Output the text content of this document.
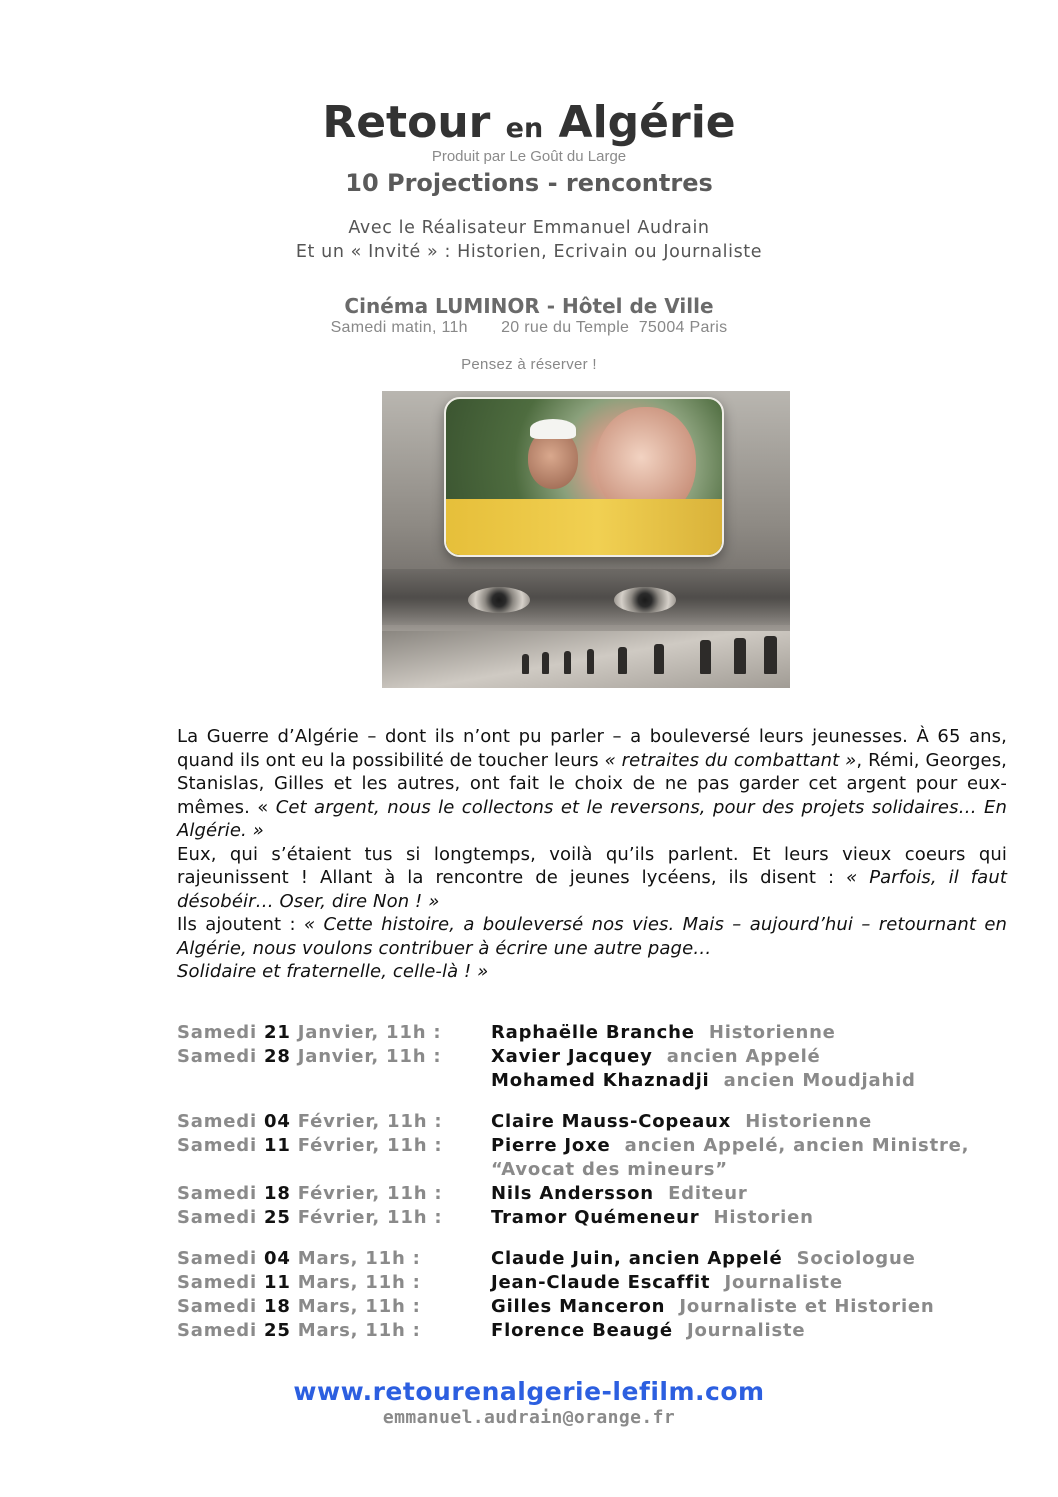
Retour en Algérie
Produit par Le Goût du Large
10 Projections - rencontres
Avec le Réalisateur Emmanuel Audrain
Et un « Invité » : Historien, Ecrivain ou Journaliste
Cinéma LUMINOR - Hôtel de Ville
Samedi matin, 11h       20 rue du Temple  75004 Paris
Pensez à réserver !

La Guerre d’Algérie – dont ils n’ont pu parler – a bouleversé leurs jeunesses. À 65 ans, quand ils ont eu la possibilité de toucher leurs « retraites du combattant », Rémi, Georges, Stanislas, Gilles et les autres, ont fait le choix de ne pas garder cet argent pour eux-mêmes. « Cet argent, nous le collectons et le reversons, pour des projets solidaires… En Algérie. »

Eux, qui s’étaient tus si longtemps, voilà qu’ils parlent. Et leurs vieux coeurs qui rajeunissent ! Allant à la rencontre de jeunes lycéens, ils disent : « Parfois, il faut désobéir… Oser, dire Non ! »

Ils ajoutent : « Cette histoire, a bouleversé nos vies. Mais – aujourd’hui – retournant en Algérie, nous voulons contribuer à écrire une autre page…

Solidaire et fraternelle, celle-là ! »

Samedi 21 Janvier, 11h :	Raphaëlle Branche Historienne
Samedi 28 Janvier, 11h :	Xavier Jacquey ancien Appelé
Mohamed Khaznadji ancien Moudjahid
Samedi 04 Février, 11h :	Claire Mauss-Copeaux Historienne
Samedi 11 Février, 11h :	Pierre Joxe ancien Appelé, ancien Ministre,
“Avocat des mineurs”
Samedi 18 Février, 11h :	Nils Andersson Editeur
Samedi 25 Février, 11h :	Tramor Quémeneur Historien
Samedi 04 Mars, 11h :	Claude Juin, ancien Appelé Sociologue
Samedi 11 Mars, 11h :	Jean-Claude Escaffit Journaliste
Samedi 18 Mars, 11h :	Gilles Manceron Journaliste et Historien
Samedi 25 Mars, 11h :	Florence Beaugé Journaliste
www.retourenalgerie-lefilm.com
emmanuel.audrain@orange.fr
